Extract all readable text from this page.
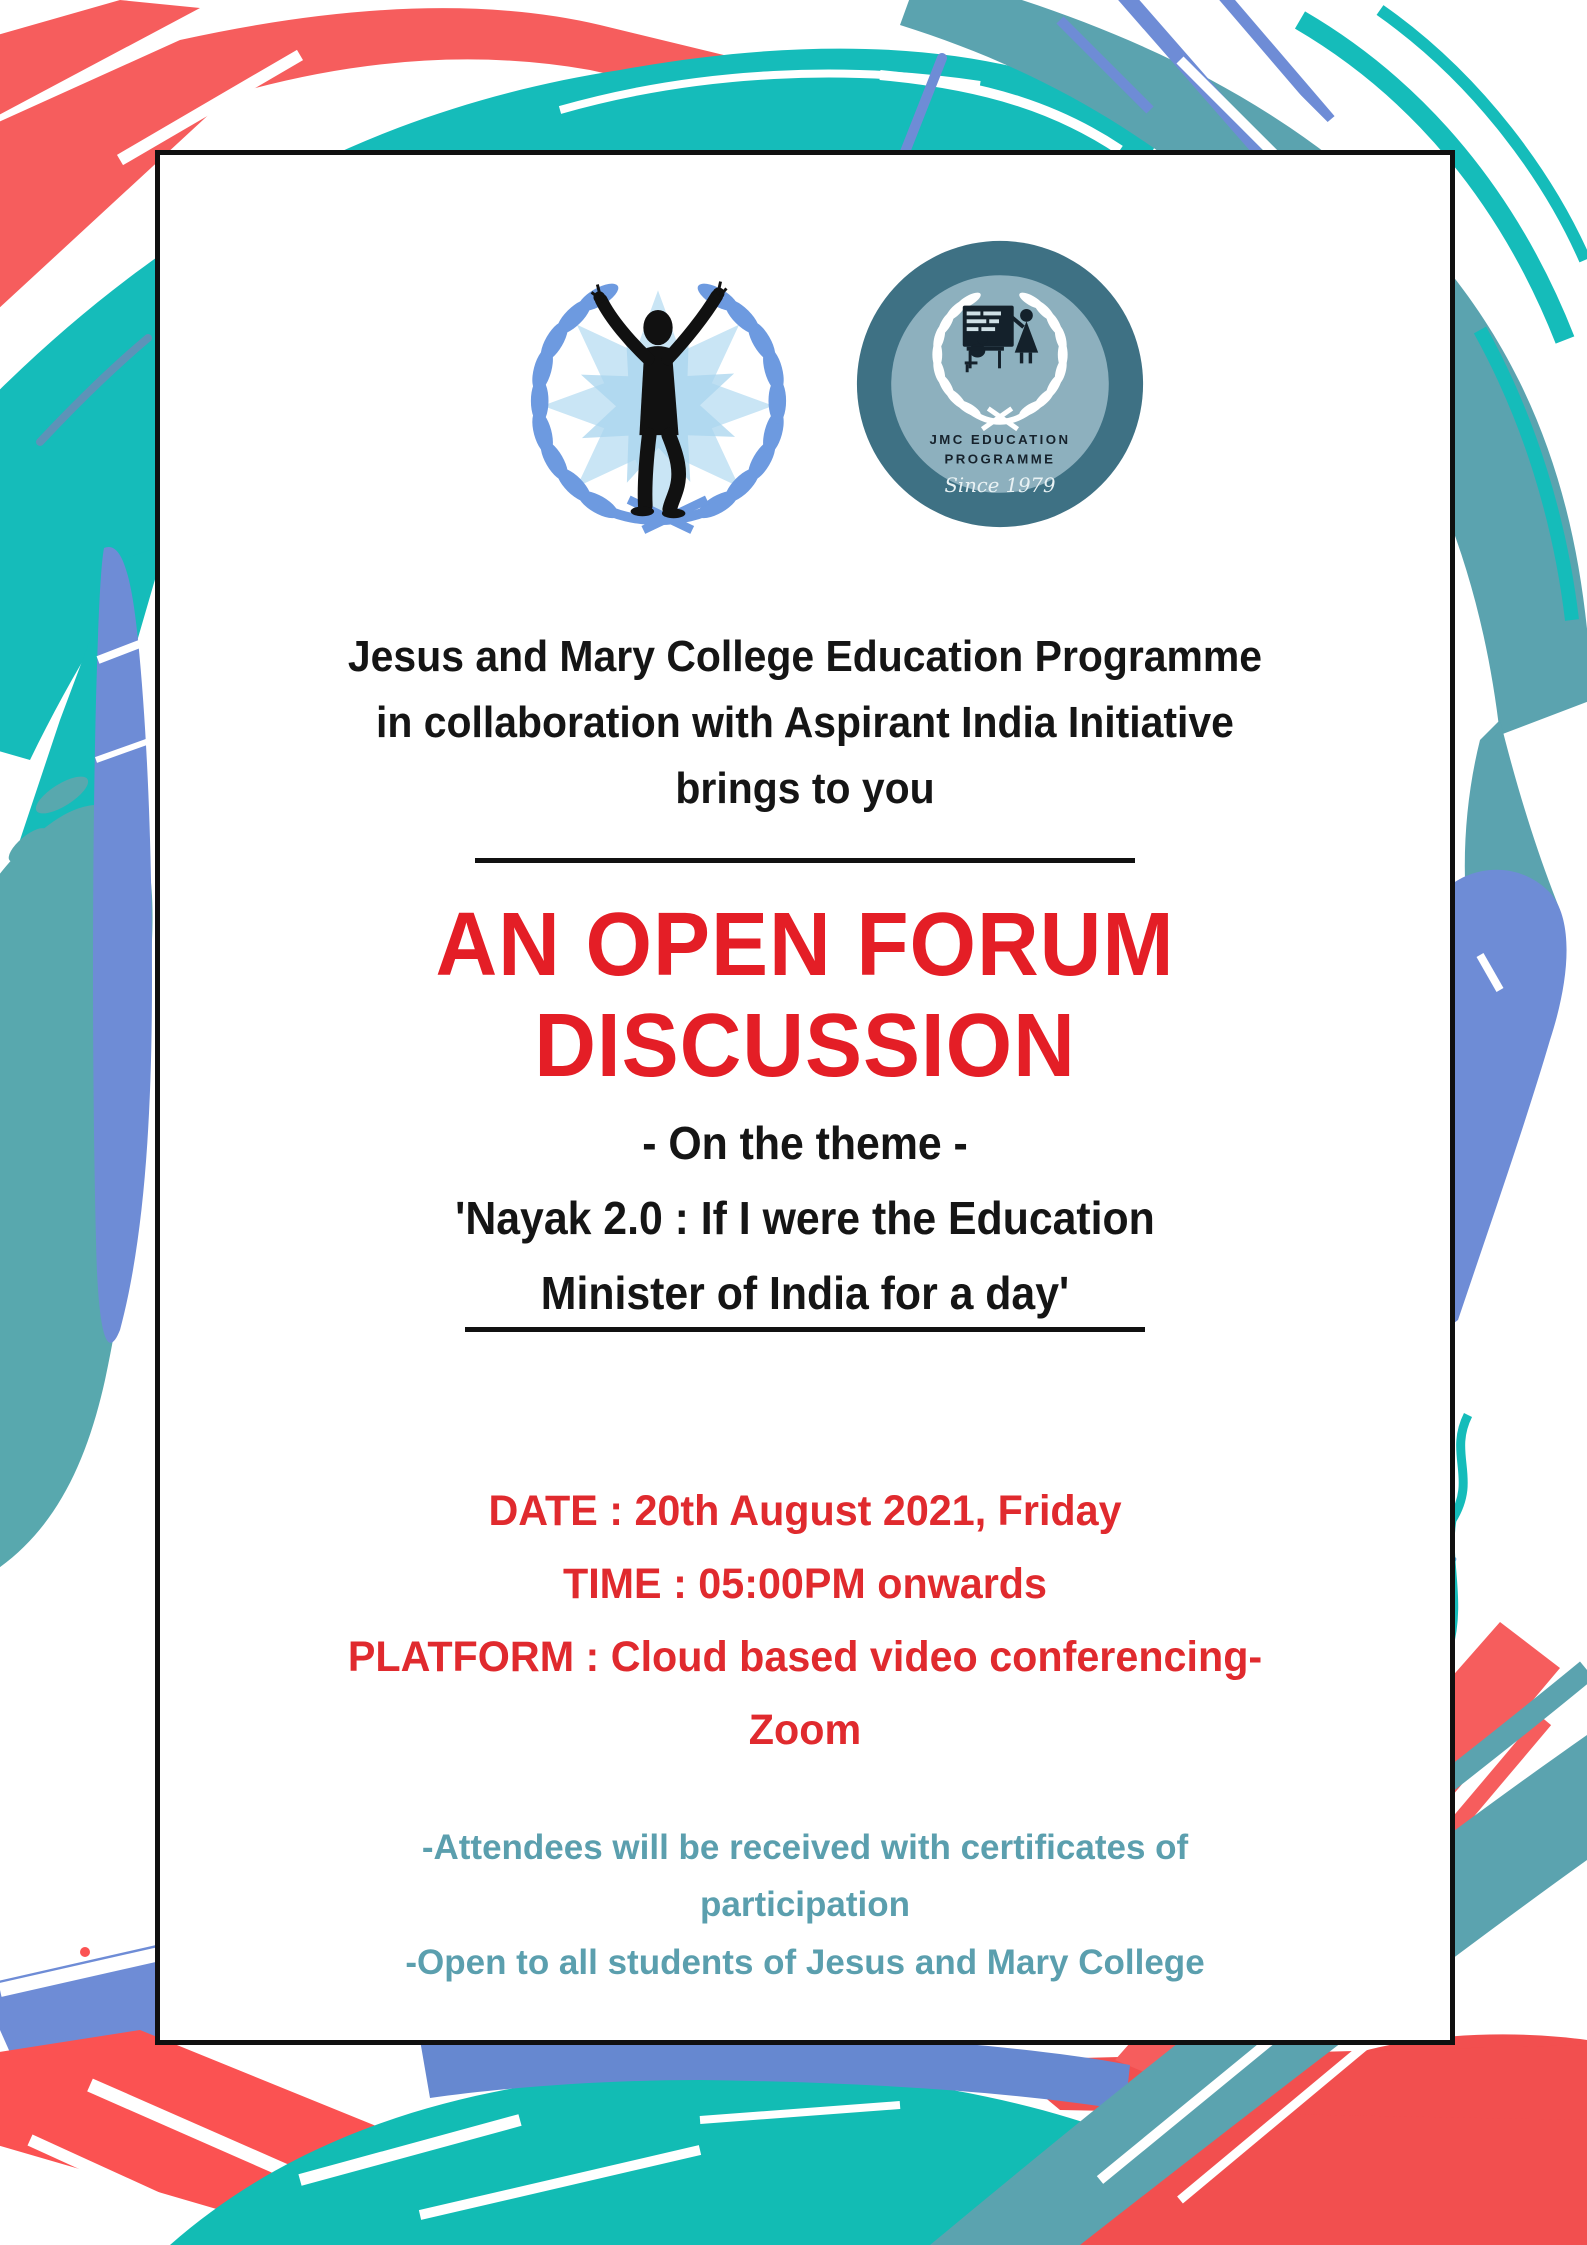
JMC EDUCATION
PROGRAMME
Since 1979
Jesus and Mary College Education Programme
in collaboration with Aspirant India Initiative
brings to you
AN OPEN FORUM
DISCUSSION
- On the theme -
'Nayak 2.0 : If I were the Education
Minister of India for a day'
DATE : 20th August 2021, Friday
TIME : 05:00PM onwards
PLATFORM : Cloud based video conferencing-
Zoom
-Attendees will be received with certificates of
participation
-Open to all students of Jesus and Mary College
